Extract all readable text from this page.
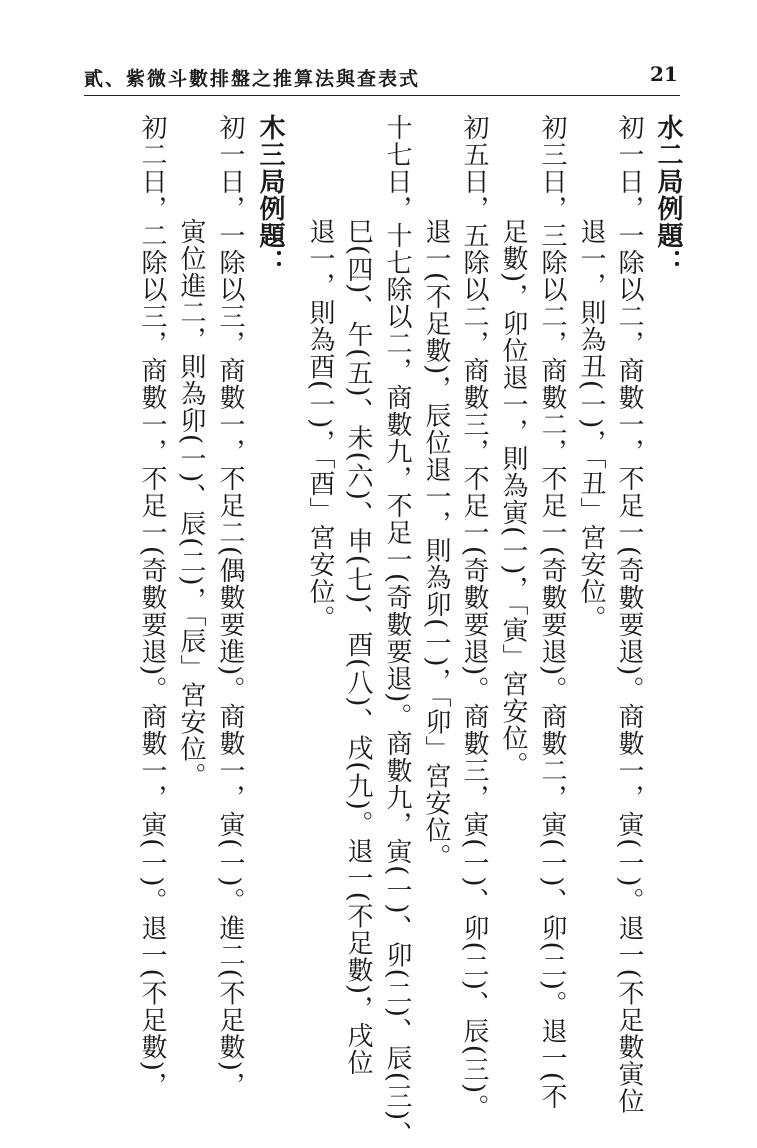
貳、紫微斗數排盤之推算法與查表式	21
水二局例題：
初一日，一除以二，商數一，不足一(奇數要退)。商數一，寅(一)。退一(不足數寅位
退一，則為丑(一)，「丑」宮安位。
初三日，三除以二，商數二，不足一(奇數要退)。商數二，寅(一)、卯(二)。退一(不
足數)，卯位退一，則為寅(一)，「寅」宮安位。
初五日，五除以二，商數三，不足一(奇數要退)。商數三，寅(一)、卯(二)、辰(三)。
退一(不足數)，辰位退一，則為卯(一)，「卯」宮安位。
十七日，十七除以二，商數九，不足一(奇數要退)。商數九，寅(一)、卯(二)、辰(三)、
巳(四)、午(五)、未(六)、申(七)、酉(八)、戌(九)。退一(不足數)，戌位
退一，則為酉(一)，「酉」宮安位。
木三局例題：
初一日，一除以三，商數一，不足二(偶數要進)。商數一，寅(一)。進二(不足數)，
寅位進二，則為卯(一)、辰(二)，「辰」宮安位。
初二日，二除以三，商數一，不足一(奇數要退)。商數一，寅(一)。退一(不足數)，
